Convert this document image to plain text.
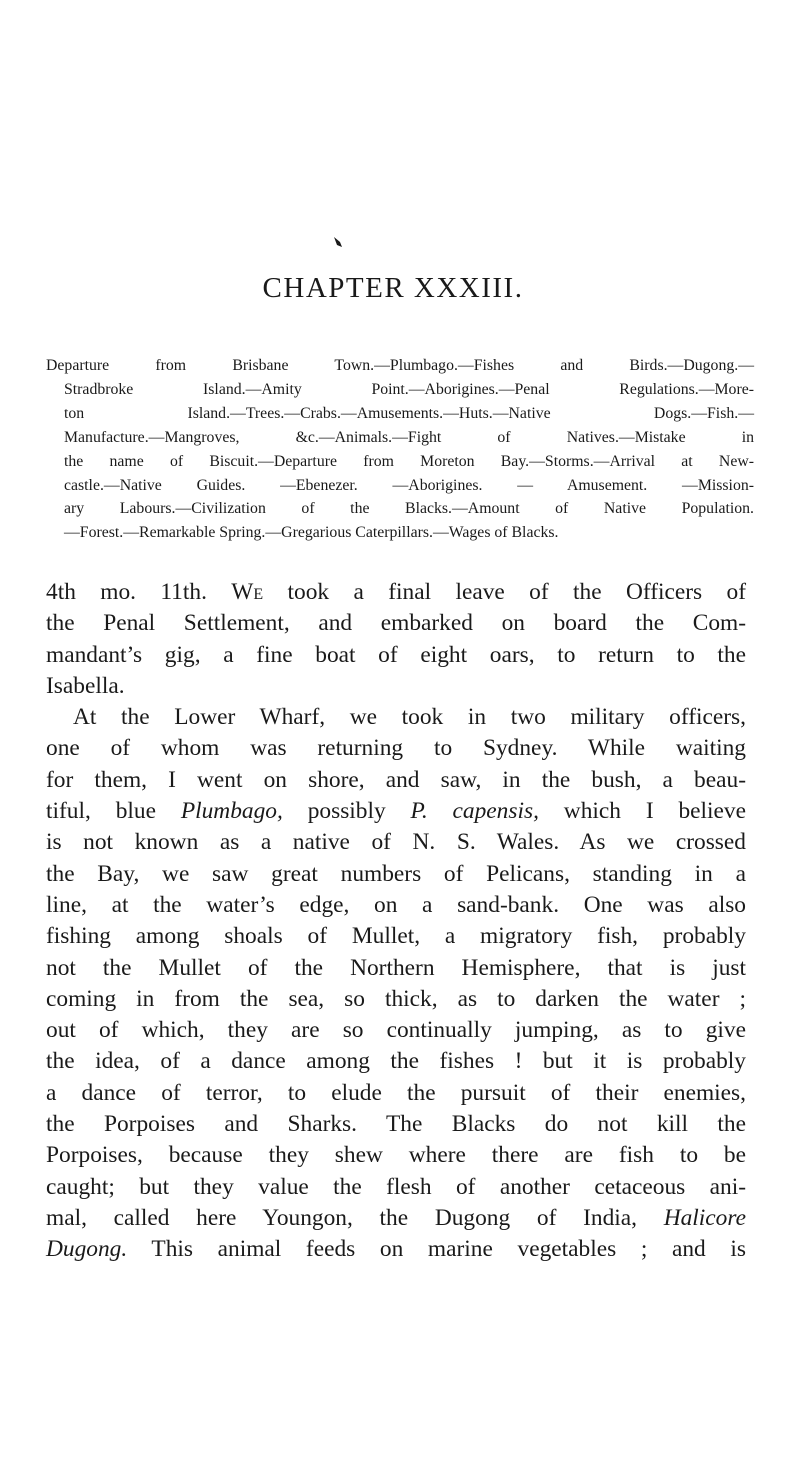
CHAPTER XXXIII.
Departure from Brisbane Town.—Plumbago.—Fishes and Birds.—Dugong.—
Stradbroke Island.—Amity Point.—Aborigines.—Penal Regulations.—More-
ton Island.—Trees.—Crabs.—Amusements.—Huts.—Native Dogs.—Fish.—
Manufacture.—Mangroves, &c.—Animals.—Fight of Natives.—Mistake in
the name of Biscuit.—Departure from Moreton Bay.—Storms.—Arrival at New-
castle.—Native Guides. —Ebenezer. —Aborigines. — Amusement. —Mission-
ary Labours.—Civilization of the Blacks.—Amount of Native Population.
—Forest.—Remarkable Spring.—Gregarious Caterpillars.—Wages of Blacks.
4th mo. 11th. We took a final leave of the Officers of
the Penal Settlement, and embarked on board the Com-
mandant’s gig, a fine boat of eight oars, to return to the
Isabella.
At the Lower Wharf, we took in two military officers,
one of whom was returning to Sydney. While waiting
for them, I went on shore, and saw, in the bush, a beau-
tiful, blue Plumbago, possibly P. capensis, which I believe
is not known as a native of N. S. Wales. As we crossed
the Bay, we saw great numbers of Pelicans, standing in a
line, at the water’s edge, on a sand-bank. One was also
fishing among shoals of Mullet, a migratory fish, probably
not the Mullet of the Northern Hemisphere, that is just
coming in from the sea, so thick, as to darken the water ;
out of which, they are so continually jumping, as to give
the idea, of a dance among the fishes ! but it is probably
a dance of terror, to elude the pursuit of their enemies,
the Porpoises and Sharks. The Blacks do not kill the
Porpoises, because they shew where there are fish to be
caught; but they value the flesh of another cetaceous ani-
mal, called here Youngon, the Dugong of India, Halicore
Dugong. This animal feeds on marine vegetables ; and is
